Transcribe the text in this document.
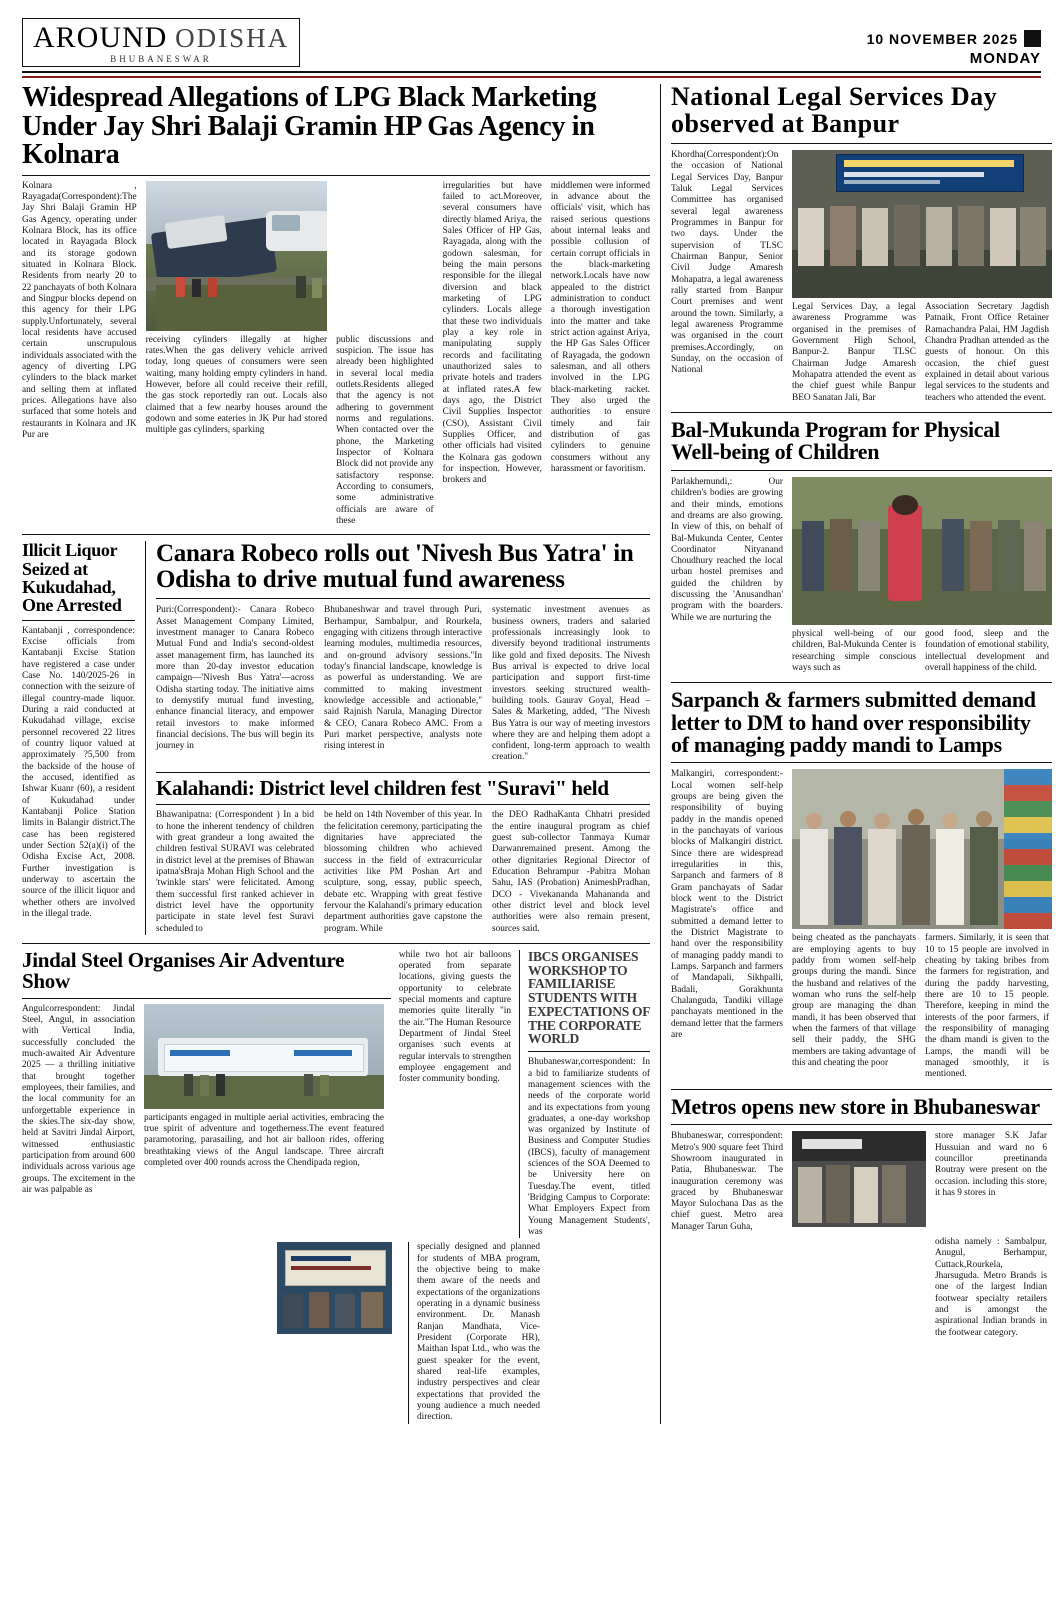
AROUND ODISHA
BHUBANESWAR
10 NOVEMBER 2025
MONDAY
Widespread Allegations of LPG Black Marketing Under Jay Shri Balaji Gramin HP Gas Agency in Kolnara
Kolnara , Rayagada(Correspondent):The Jay Shri Balaji Gramin HP Gas Agency, operating under Kolnara Block, has its office located in Rayagada Block and its storage godown situated in Kolnara Block. Residents from nearly 20 to 22 panchayats of both Kolnara and Singpur blocks depend on this agency for their LPG supply.Unfortunately, several local residents have accused certain unscrupulous individuals associated with the agency of diverting LPG cylinders to the black market and selling them at inflated prices. Allegations have also surfaced that some hotels and restaurants in Kolnara and JK Pur are
receiving cylinders illegally at higher rates.When the gas delivery vehicle arrived today, long queues of consumers were seen waiting, many holding empty cylinders in hand. However, before all could receive their refill, the gas stock reportedly ran out. Locals also claimed that a few nearby houses around the godown and some eateries in JK Pur had stored multiple gas cylinders, sparking
public discussions and suspicion. The issue has already been highlighted in several local media outlets.Residents alleged that the agency is not adhering to government norms and regulations. When contacted over the phone, the Marketing Inspector of Kolnara Block did not provide any satisfactory response. According to consumers, some administrative officials are aware of these
irregularities but have failed to act.Moreover, several consumers have directly blamed Ariya, the Sales Officer of HP Gas, Rayagada, along with the godown salesman, for being the main persons responsible for the illegal diversion and black marketing of LPG cylinders. Locals allege that these two individuals play a key role in manipulating supply records and facilitating unauthorized sales to private hotels and traders at inflated rates.A few days ago, the District Civil Supplies Inspector (CSO), Assistant Civil Supplies Officer, and other officials had visited the Kolnara gas godown for inspection. However, brokers and
middlemen were informed in advance about the officials' visit, which has raised serious questions about internal leaks and possible collusion of certain corrupt officials in the black-marketing network.Locals have now appealed to the district administration to conduct a thorough investigation into the matter and take strict action against Ariya, the HP Gas Sales Officer of Rayagada, the godown salesman, and all others involved in the LPG black-marketing racket. They also urged the authorities to ensure timely and fair distribution of gas cylinders to genuine consumers without any harassment or favoritism.
Illicit Liquor Seized at Kukudahad, One Arrested
Kantabanji , correspondence: Excise officials from Kantabanji Excise Station have registered a case under Case No. 140/2025-26 in connection with the seizure of illegal country-made liquor. During a raid conducted at Kukudahad village, excise personnel recovered 22 litres of country liquor valued at approximately ?5,500 from the backside of the house of the accused, identified as Ishwar Kuanr (60), a resident of Kukudahad under Kantabanji Police Station limits in Balangir district.The case has been registered under Section 52(a)(i) of the Odisha Excise Act, 2008. Further investigation is underway to ascertain the source of the illicit liquor and whether others are involved in the illegal trade.
Canara Robeco rolls out 'Nivesh Bus Yatra' in Odisha to drive mutual fund awareness
Puri:(Correspondent):- Canara Robeco Asset Management Company Limited, investment manager to Canara Robeco Mutual Fund and India's second-oldest asset management firm, has launched its more than 20-day investor education campaign—'Nivesh Bus Yatra'—across Odisha starting today. The initiative aims to demystify mutual fund investing, enhance financial literacy, and empower retail investors to make informed financial decisions. The bus will begin its journey in
Bhubaneshwar and travel through Puri, Berhampur, Sambalpur, and Rourkela, engaging with citizens through interactive learning modules, multimedia resources, and on-ground advisory sessions."In today's financial landscape, knowledge is as powerful as understanding. We are committed to making investment knowledge accessible and actionable," said Rajnish Narula, Managing Director & CEO, Canara Robeco AMC. From a Puri market perspective, analysts note rising interest in
systematic investment avenues as business owners, traders and salaried professionals increasingly look to diversify beyond traditional instruments like gold and fixed deposits. The Nivesh Bus arrival is expected to drive local participation and support first-time investors seeking structured wealth-building tools. Gaurav Goyal, Head – Sales & Marketing, added, "The Nivesh Bus Yatra is our way of meeting investors where they are and helping them adopt a confident, long-term approach to wealth creation."
Kalahandi: District level children fest "Suravi" held
Bhawanipatna: (Correspondent ) In a bid to hone the inherent tendency of children with great grandeur a long awaited the children festival SURAVI was celebrated in district level at the premises of Bhawan ipatna'sBraja Mohan High School and the 'twinkle stars' were felicitated. Among them successful first ranked achiever in district level have the opportunity participate in state level fest Suravi scheduled to
be held on 14th November of this year. In the felicitation ceremony, participating the dignitaries have appreciated the blossoming children who achieved success in the field of extracurricular activities like PM Poshan Art and sculpture, song, essay, public speech, debate etc. Wrapping with great festive fervour the Kalahandi's primary education department authorities gave capstone the program. While
the DEO RadhaKanta Chhatri presided the entire inaugural program as chief guest sub-collector Tanmaya Kumar Darwanremained present. Among the other dignitaries Regional Director of Education Behrampur -Pabitra Mohan Sahu, IAS (Probation) AnimeshPradhan, DCO - Vivekananda Mahananda and other district level and block level authorities were also remain present, sources said.
Jindal Steel Organises Air Adventure Show
Angulcorrespondent: Jindal Steel, Angul, in association with Vertical India, successfully concluded the much-awaited Air Adventure 2025 — a thrilling initiative that brought together employees, their families, and the local community for an unforgettable experience in the skies.The six-day show, held at Savitri Jindal Airport, witnessed enthusiastic participation from around 600 individuals across various age groups. The excitement in the air was palpable as
participants engaged in multiple aerial activities, embracing the true spirit of adventure and togetherness.The event featured paramotoring, parasailing, and hot air balloon rides, offering breathtaking views of the Angul landscape. Three aircraft completed over 400 rounds across the Chendipada region,
while two hot air balloons operated from separate locations, giving guests the opportunity to celebrate special moments and capture memories quite literally "in the air."The Human Resource Department of Jindal Steel organises such events at regular intervals to strengthen employee engagement and foster community bonding.
IBCS ORGANISES WORKSHOP TO FAMILIARISE STUDENTS WITH EXPECTATIONS OF THE CORPORATE WORLD
Bhubaneswar,correspondent: In a bid to familiarize students of management sciences with the needs of the corporate world and its expectations from young graduates, a one-day workshop was organized by Institute of Business and Computer Studies (IBCS), faculty of management sciences of the SOA Deemed to be University here on Tuesday.The event, titled 'Bridging Campus to Corporate: What Employers Expect from Young Management Students', was
specially designed and planned for students of MBA program, the objective being to make them aware of the needs and expectations of the organizations operating in a dynamic business environment. Dr. Manash Ranjan Mandhata, Vice-President (Corporate HR), Maithan Ispat Ltd., who was the guest speaker for the event, shared real-life examples, industry perspectives and clear expectations that provided the young audience a much needed direction.
National Legal Services Day observed at Banpur
Khordha(Correspondent):On the occasion of National Legal Services Day, Banpur Taluk Legal Services Committee has organised several legal awareness Programmes in Banpur for two days. Under the supervision of TLSC Chairman Banpur, Senior Civil Judge Amaresh Mohapatra, a legal awareness rally started from Banpur Court premises and went around the town. Similarly, a legal awareness Programme was organised in the court premises.Accordingly, on Sunday, on the occasion of National
Legal Services Day, a legal awareness Programme was organised in the premises of Government High School, Banpur-2. Banpur TLSC Chairman Judge Amaresh Mohapatra attended the event as the chief guest while Banpur BEO Sanatan Jali, Bar
Association Secretary Jagdish Patnaik, Front Office Retainer Ramachandra Palai, HM Jagdish Chandra Pradhan attended as the guests of honour. On this occasion, the chief guest explained in detail about various legal services to the students and teachers who attended the event.
Bal-Mukunda Program for Physical Well-being of Children
Parlakhemundi,: Our children's bodies are growing and their minds, emotions and dreams are also growing. In view of this, on behalf of Bal-Mukunda Center, Center Coordinator Nityanand Choudhury reached the local urban hostel premises and guided the children by discussing the 'Anusandhan' program with the boarders. While we are nurturing the
physical well-being of our children, Bal-Mukunda Center is researching simple conscious ways such as
good food, sleep and the foundation of emotional stability, intellectual development and overall happiness of the child.
Sarpanch & farmers submitted demand letter to DM to hand over responsibility of managing paddy mandi to Lamps
Malkangiri, correspondent:- Local women self-help groups are being given the responsibility of buying paddy in the mandis opened in the panchayats of various blocks of Malkangiri district. Since there are widespread irregularities in this, Sarpanch and farmers of 8 Gram panchayats of Sadar block went to the District Magistrate's office and submitted a demand letter to the District Magistrate to hand over the responsibility of managing paddy mandi to Lamps. Sarpanch and farmers of Mandapali, Sikhpalli, Badali, Gorakhunta Chalanguda, Tandiki village panchayats mentioned in the demand letter that the farmers are
being cheated as the panchayats are employing agents to buy paddy from women self-help groups during the mandi. Since the husband and relatives of the woman who runs the self-help group are managing the dhan mandi, it has been observed that when the farmers of that village sell their paddy, the SHG members are taking advantage of this and cheating the poor
farmers. Similarly, it is seen that 10 to 15 people are involved in cheating by taking bribes from the farmers for registration, and during the paddy harvesting, there are 10 to 15 people. Therefore, keeping in mind the interests of the poor farmers, if the responsibility of managing the dham mandi is given to the Lamps, the mandi will be managed smoothly, it is mentioned.
Metros opens new store in Bhubaneswar
Bhubaneswar, correspondent: Metro's 900 square feet Third Showroom inaugurated in Patia, Bhubaneswar. The inauguration ceremony was graced by Bhubaneswar Mayor Sulochana Das as the chief guest. Metro area Manager Tarun Guha,
store manager S.K Jafar Hussuian and ward no 6 councillor preetinanda Routray were present on the occasion. including this store, it has 9 stores in
odisha namely : Sambalpur, Anugul, Berhampur, Cuttack,Rourkela, Jharsuguda. Metro Brands is one of the largest Indian footwear specialty retailers and is amongst the aspirational Indian brands in the footwear category.
